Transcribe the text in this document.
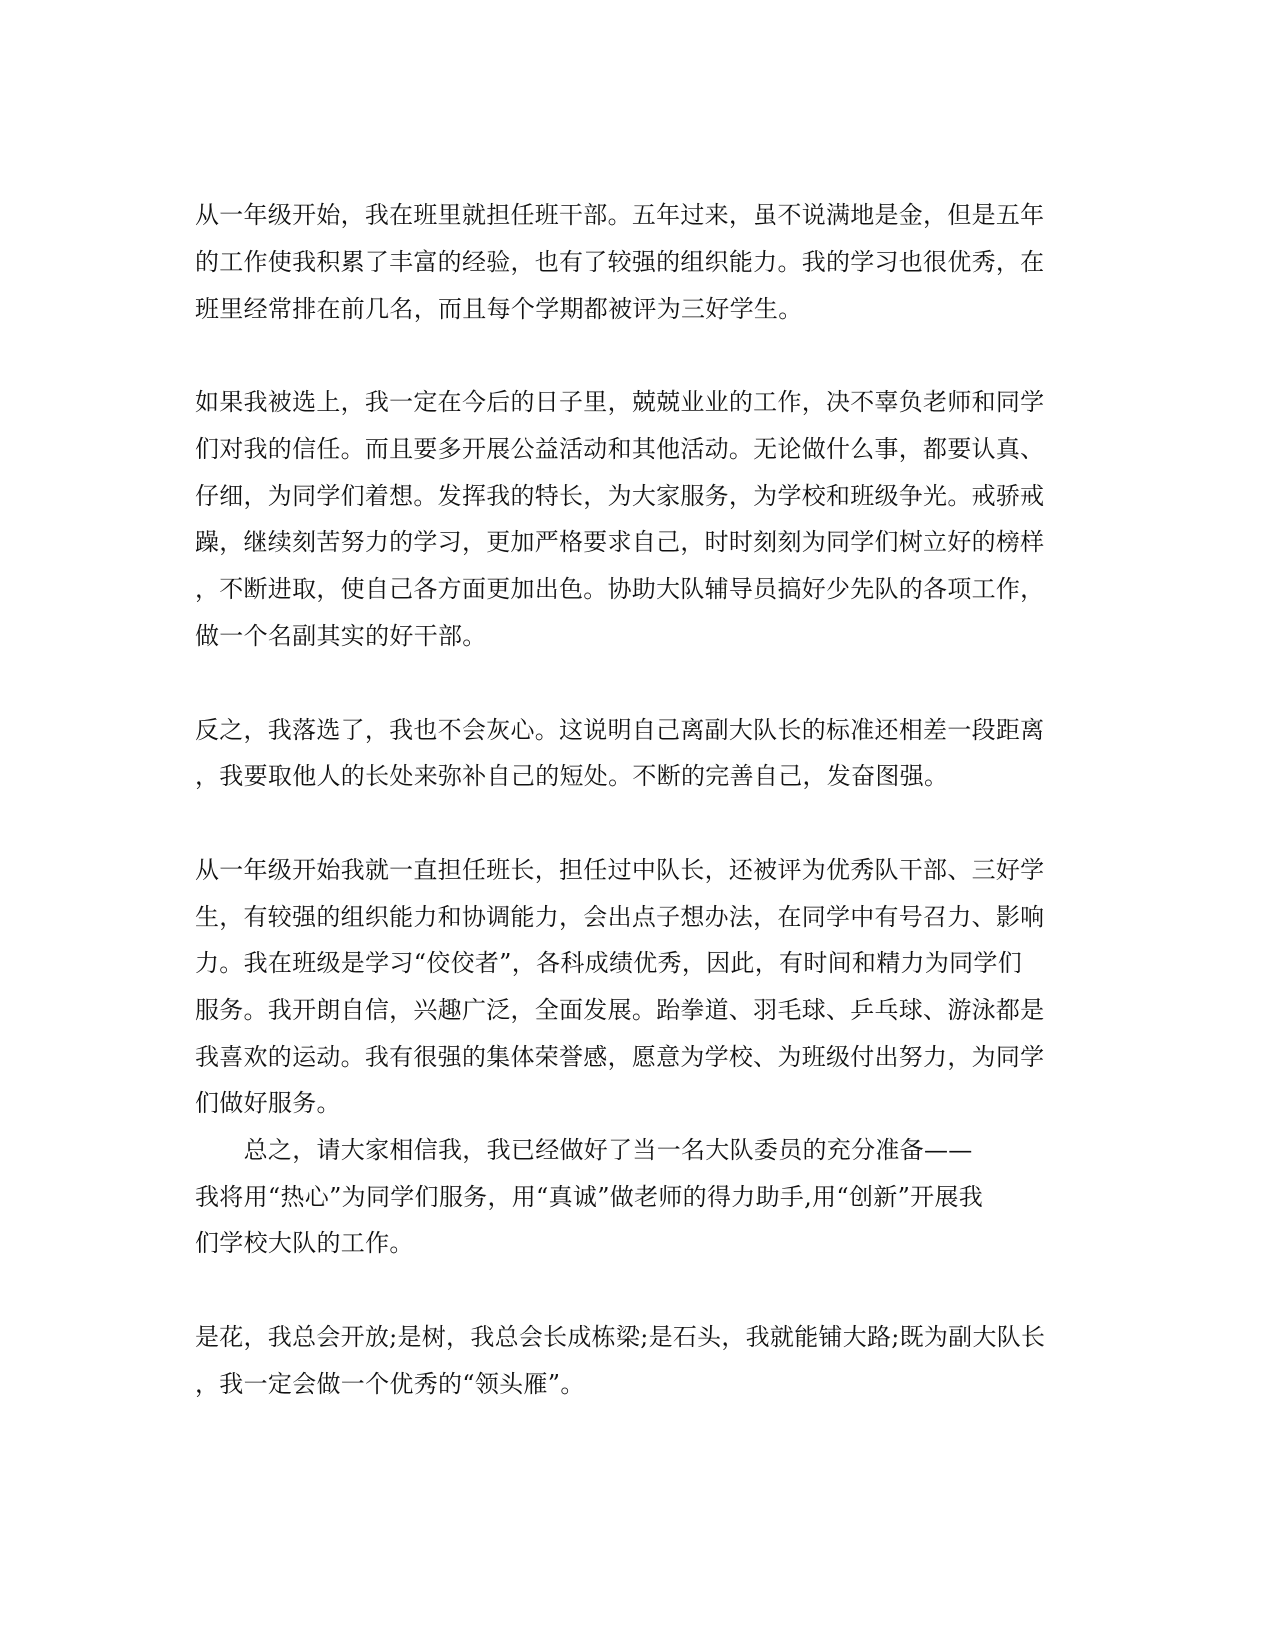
从一年级开始，我在班里就担任班干部。五年过来，虽不说满地是金，但是五年
的工作使我积累了丰富的经验，也有了较强的组织能力。我的学习也很优秀，在
班里经常排在前几名，而且每个学期都被评为三好学生。
如果我被选上，我一定在今后的日子里，兢兢业业的工作，决不辜负老师和同学
们对我的信任。而且要多开展公益活动和其他活动。无论做什么事，都要认真、
仔细，为同学们着想。发挥我的特长，为大家服务，为学校和班级争光。戒骄戒
躁，继续刻苦努力的学习，更加严格要求自己，时时刻刻为同学们树立好的榜样
，不断进取，使自己各方面更加出色。协助大队辅导员搞好少先队的各项工作，
做一个名副其实的好干部。
反之，我落选了，我也不会灰心。这说明自己离副大队长的标准还相差一段距离
，我要取他人的长处来弥补自己的短处。不断的完善自己，发奋图强。
从一年级开始我就一直担任班长，担任过中队长，还被评为优秀队干部、三好学
生，有较强的组织能力和协调能力，会出点子想办法，在同学中有号召力、影响
力。我在班级是学习“佼佼者”，各科成绩优秀，因此，有时间和精力为同学们
服务。我开朗自信，兴趣广泛，全面发展。跆拳道、羽毛球、乒乓球、游泳都是
我喜欢的运动。我有很强的集体荣誉感，愿意为学校、为班级付出努力，为同学
们做好服务。
　　总之，请大家相信我，我已经做好了当一名大队委员的充分准备——
我将用“热心”为同学们服务，用“真诚”做老师的得力助手,用“创新”开展我
们学校大队的工作。
是花，我总会开放;是树，我总会长成栋梁;是石头，我就能铺大路;既为副大队长
，我一定会做一个优秀的“领头雁”。
